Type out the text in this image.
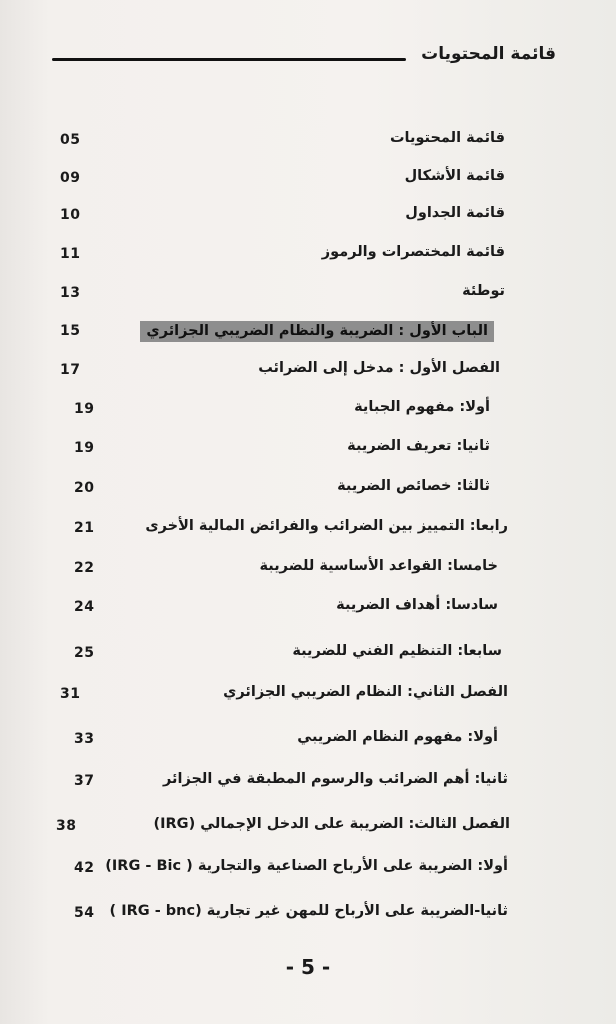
قائمة المحتويات
05	قائمة المحتويات
09	قائمة الأشكال
10	قائمة الجداول
11	قائمة المختصرات والرموز
13	توطئة
15	الباب الأول : الضريبة والنظام الضريبي الجزائري
17	الفصل الأول : مدخل إلى الضرائب
19	أولا: مفهوم الجباية
19	ثانيا: تعريف الضريبة
20	ثالثا: خصائص الضريبة
21	رابعا: التمييز بين الضرائب والفرائض المالية الأخرى
22	خامسا: القواعد الأساسية للضريبة
24	سادسا: أهداف الضريبة
25	سابعا: التنظيم الفني للضريبة
31	الفصل الثاني: النظام الضريبي الجزائري
33	أولا: مفهوم النظام الضريبي
37	ثانيا: أهم الضرائب والرسوم المطبقة في الجزائر
38	الفصل الثالث: الضريبة على الدخل الإجمالي (IRG)
42 أولا: الضريبة على الأرباح الصناعية والتجارية ( IRG - Bic)
54 ثانيا-الضريبة على الأرباح للمهن غير تجارية (IRG - bnc )
- 5 -
